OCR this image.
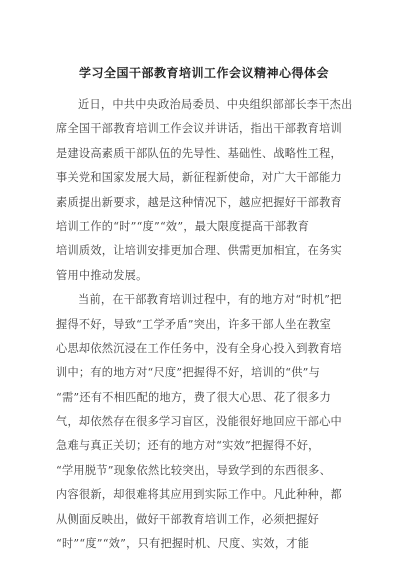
学习全国干部教育培训工作会议精神心得体会
近日，中共中央政治局委员、中央组织部部长李干杰出
席全国干部教育培训工作会议并讲话，指出干部教育培训
是建设高素质干部队伍的先导性、基础性、战略性工程，
事关党和国家发展大局，新征程新使命，对广大干部能力
素质提出新要求，越是这种情况下，越应把握好干部教育
培训工作的“时”“度”“效”，最大限度提高干部教育
培训质效，让培训安排更加合理、供需更加相宜，在务实
管用中推动发展。
当前，在干部教育培训过程中，有的地方对“时机”把
握得不好，导致“工学矛盾”突出，许多干部人坐在教室
心思却依然沉浸在工作任务中，没有全身心投入到教育培
训中；有的地方对“尺度”把握得不好，培训的“供”与
“需”还有不相匹配的地方，费了很大心思、花了很多力
气，却依然存在很多学习盲区，没能很好地回应干部心中
急难与真正关切；还有的地方对“实效”把握得不好，
“学用脱节”现象依然比较突出，导致学到的东西很多、
内容很新，却很难将其应用到实际工作中。凡此种种，都
从侧面反映出，做好干部教育培训工作，必须把握好
“时”“度”“效”，只有把握时机、尺度、实效，才能
